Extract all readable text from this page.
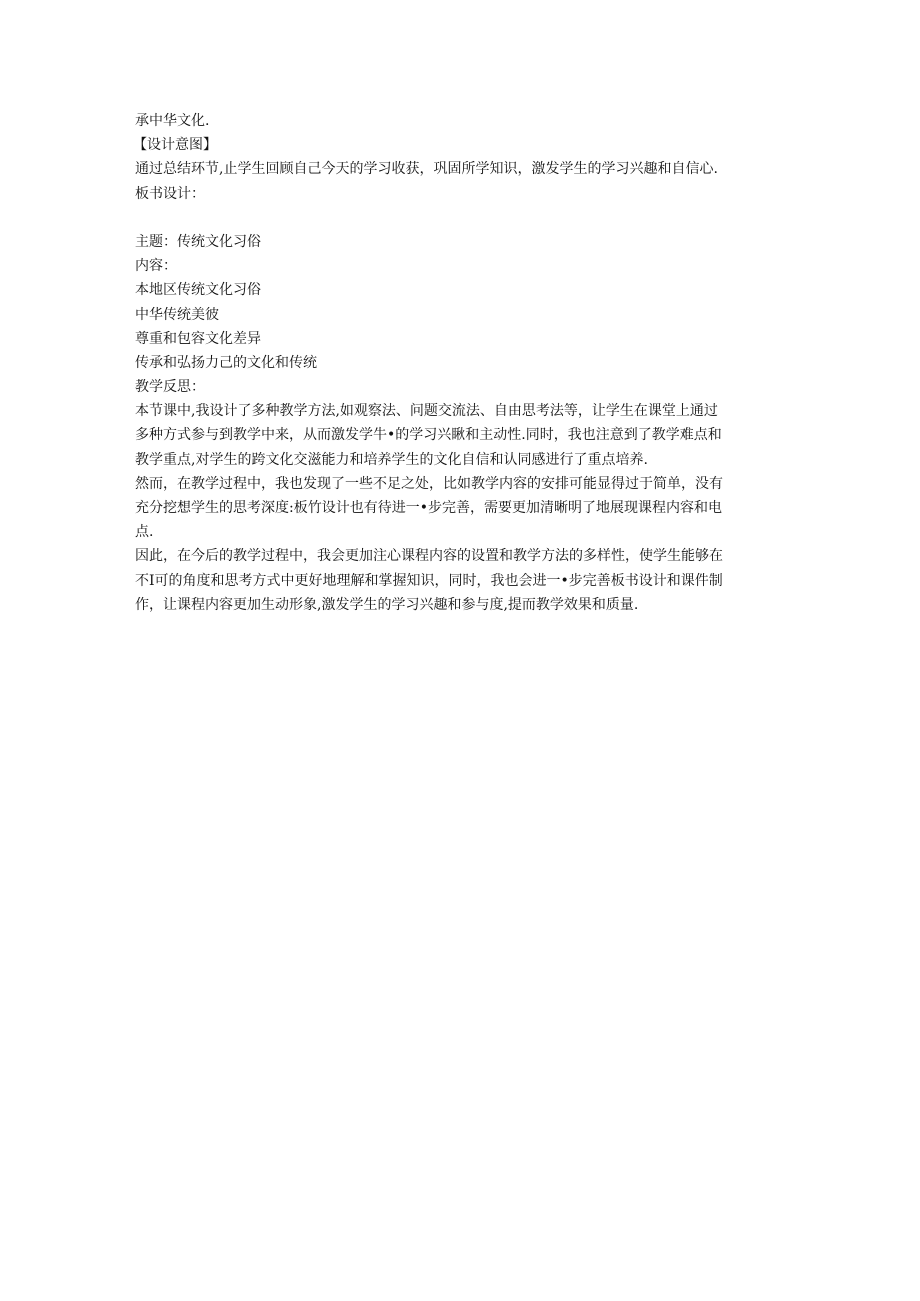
承中华文化.
【设计意图】
通过总结环节,止学生回顾自己今天的学习收获，巩固所学知识，激发学生的学习兴趣和自信心.
板书设计：
主题：传统文化习俗
内容：
本地区传统文化习俗
中华传统美彼
尊重和包容文化差异
传承和弘扬力己的文化和传统
教学反思：
本节课中,我设计了多种教学方法,如观察法、问题交流法、自由思考法等，让学生在课堂上通过
多种方式参与到教学中来，从而激发学牛•的学习兴瞅和主动性.同时，我也注意到了教学难点和
教学重点,对学生的跨文化交滋能力和培养学生的文化自信和认同感进行了重点培养.
然而，在教学过程中，我也发现了一些不足之处，比如教学内容的安排可能显得过于简单，没有
充分挖想学生的思考深度:板竹设计也有待进一•步完善，需要更加清晰明了地展现课程内容和电
点.
因此，在今后的教学过程中，我会更加注心课程内容的设置和教学方法的多样性，使学生能够在
不I可的角度和思考方式中更好地理解和掌握知识，同时，我也会进一•步完善板书设计和课件制
作，让课程内容更加生动形象,激发学生的学习兴趣和参与度,提而教学效果和质量.
